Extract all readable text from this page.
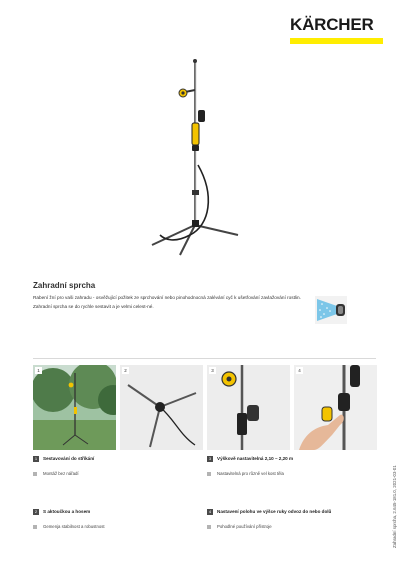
KÄRCHER
Zahradní sprcha
Rabení žní pro vaši zahradu - osvěžující požitek ze sprchování nebo pinohodnocná zalévání cyč k ušetřování zavlažování rostlin. Zahradní sprcha se do rychle sestavit a je velmi celest-né.
1	2	3	4
1	Sestavování do stříkání
Montáž bez nářadí
3	Výškově nastavitelná 2,10 – 2,20 m
Nastavitelná pro různě vel kost těla
2	S aktoučkou a hosem
Gemenja stabilnost a robustnost
4	Nastavení polohu ve výšce ruky odvoz do nebo dolů
Pohodlné používání přístroje	Zahradní sprcha, 2.645-181.0, 2021-03-01
